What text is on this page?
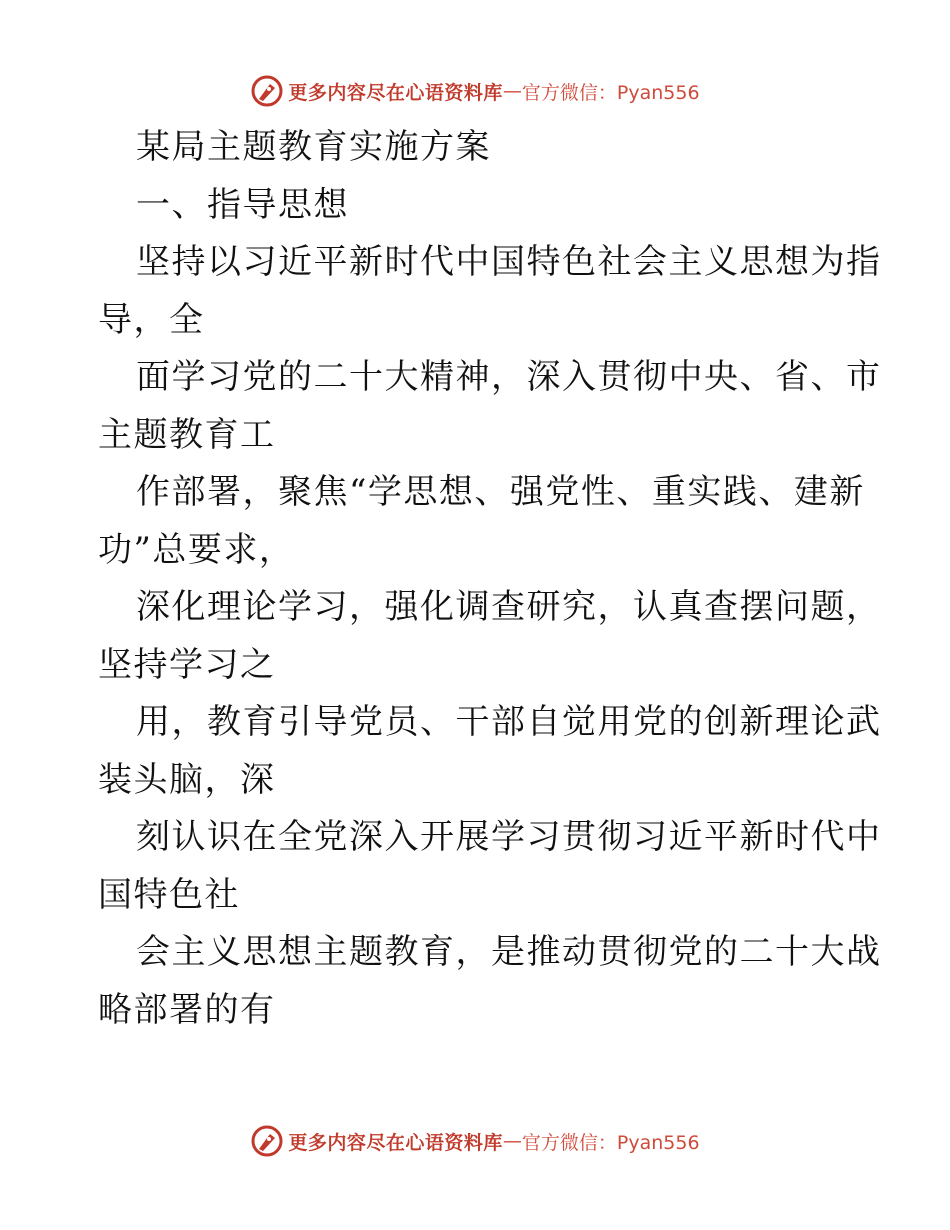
更多内容尽在心语资料库 — 官方微信：Pyan556
某局主题教育实施方案
一、指导思想
坚持以习近平新时代中国特色社会主义思想为指
导，全
面学习党的二十大精神，深入贯彻中央、省、市
主题教育工
作部署，聚焦“学思想、强党性、重实践、建新
功”总要求，
深化理论学习，强化调查研究，认真查摆问题，
坚持学习之
用，教育引导党员、干部自觉用党的创新理论武
装头脑，深
刻认识在全党深入开展学习贯彻习近平新时代中
国特色社
会主义思想主题教育，是推动贯彻党的二十大战
略部署的有
更多内容尽在心语资料库 — 官方微信：Pyan556
